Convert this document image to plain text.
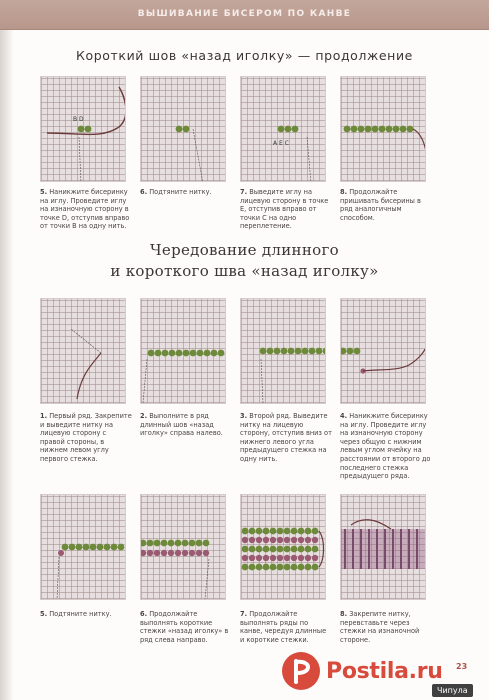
ВЫШИВАНИЕ БИСЕРОМ ПО КАНВЕ
Короткий шов «назад иголку» — продолжение
B D
A E C
5. Наникжите бисеринку на иглу. Проведите иглу на изнаночную сторону в точке D, отступив вправо от точки B на одну нить.
6. Подтяните нитку.	7. Выведите иглу на лицевую сторону в точке E, отступив вправо от точки C на одно переплетение.
8. Продолжайте пришивать бисерины в ряд аналогичным способом.
Чередование длинного
и короткого шва «назад иголку»
1. Первый ряд. Закрепите и выведите нитку на лицевую сторону с правой стороны, в нижнем левом углу первого стежка.
2. Выполните в ряд длинный шов «назад иголку» справа налево.
3. Второй ряд. Выведите нитку на лицевую сторону, отступив вниз от нижнего левого угла предыдущего стежка на одну нить.
4. Наникжите бисеринку на иглу. Проведите иглу на изнаночную сторону через общую с нижним левым углом ячейку на расстоянии от второго до последнего стежка предыдущего ряда.
5. Подтяните нитку.	6. Продолжайте выполнять короткие стежки «назад иголку» в ряд слева направо.
7. Продолжайте выполнять ряды по канве, чередуя длинные и короткие стежки.
8. Закрепите нитку, перевставьте через стежки на изнаночной стороне.
23
Postila.ru
Чипула
